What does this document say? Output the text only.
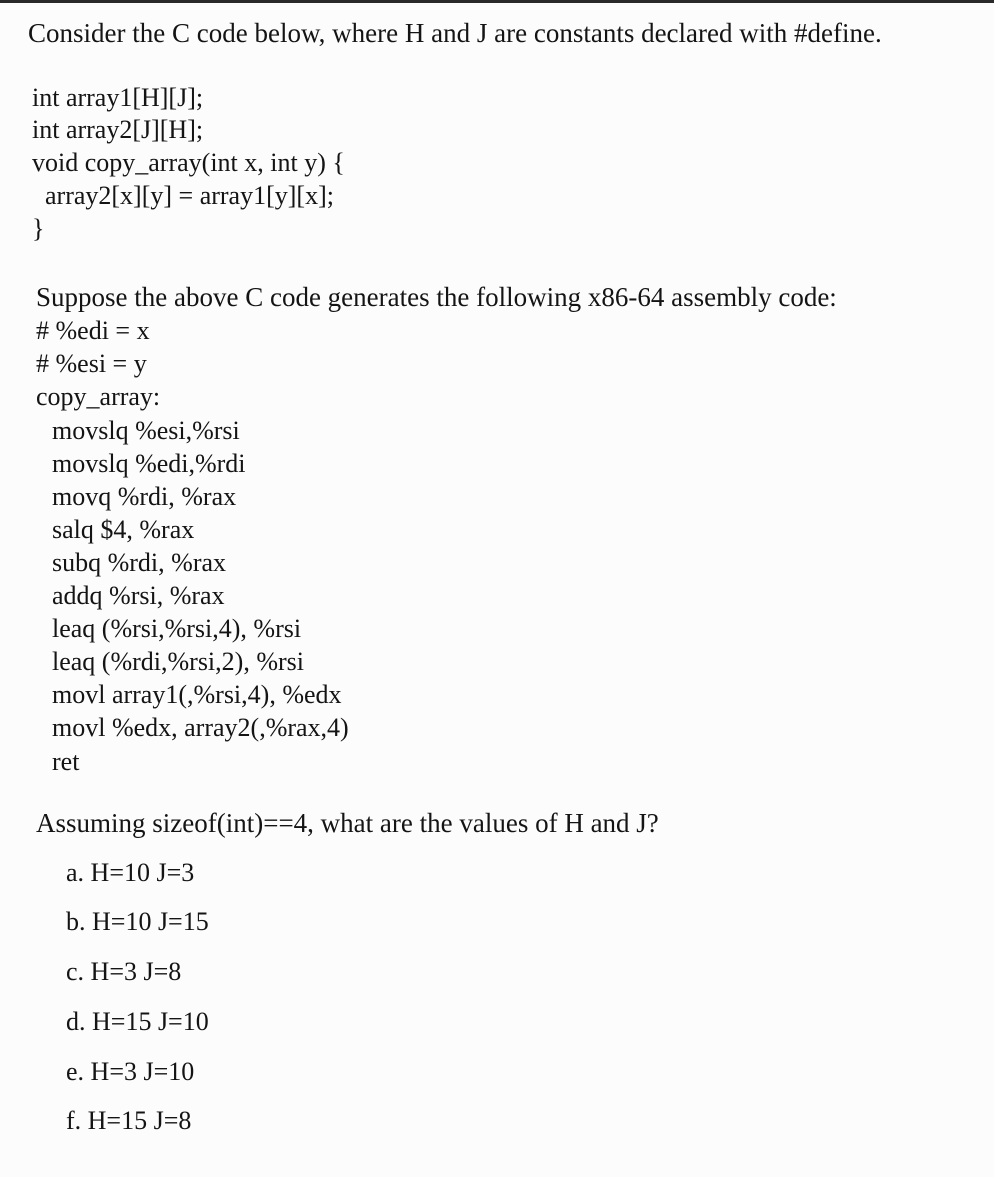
Consider the C code below, where H and J are constants declared with #define.
int array1[H][J];
int array2[J][H];
void copy_array(int x, int y) {
array2[x][y] = array1[y][x];
}
Suppose the above C code generates the following x86-64 assembly code:
# %edi = x
# %esi = y
copy_array:
movslq %esi,%rsi
movslq %edi,%rdi
movq %rdi, %rax
salq $4, %rax
subq %rdi, %rax
addq %rsi, %rax
leaq (%rsi,%rsi,4), %rsi
leaq (%rdi,%rsi,2), %rsi
movl array1(,%rsi,4), %edx
movl %edx, array2(,%rax,4)
ret
Assuming sizeof(int)==4, what are the values of H and J?
a. H=10 J=3
b. H=10 J=15
c. H=3 J=8
d. H=15 J=10
e. H=3 J=10
f. H=15 J=8
